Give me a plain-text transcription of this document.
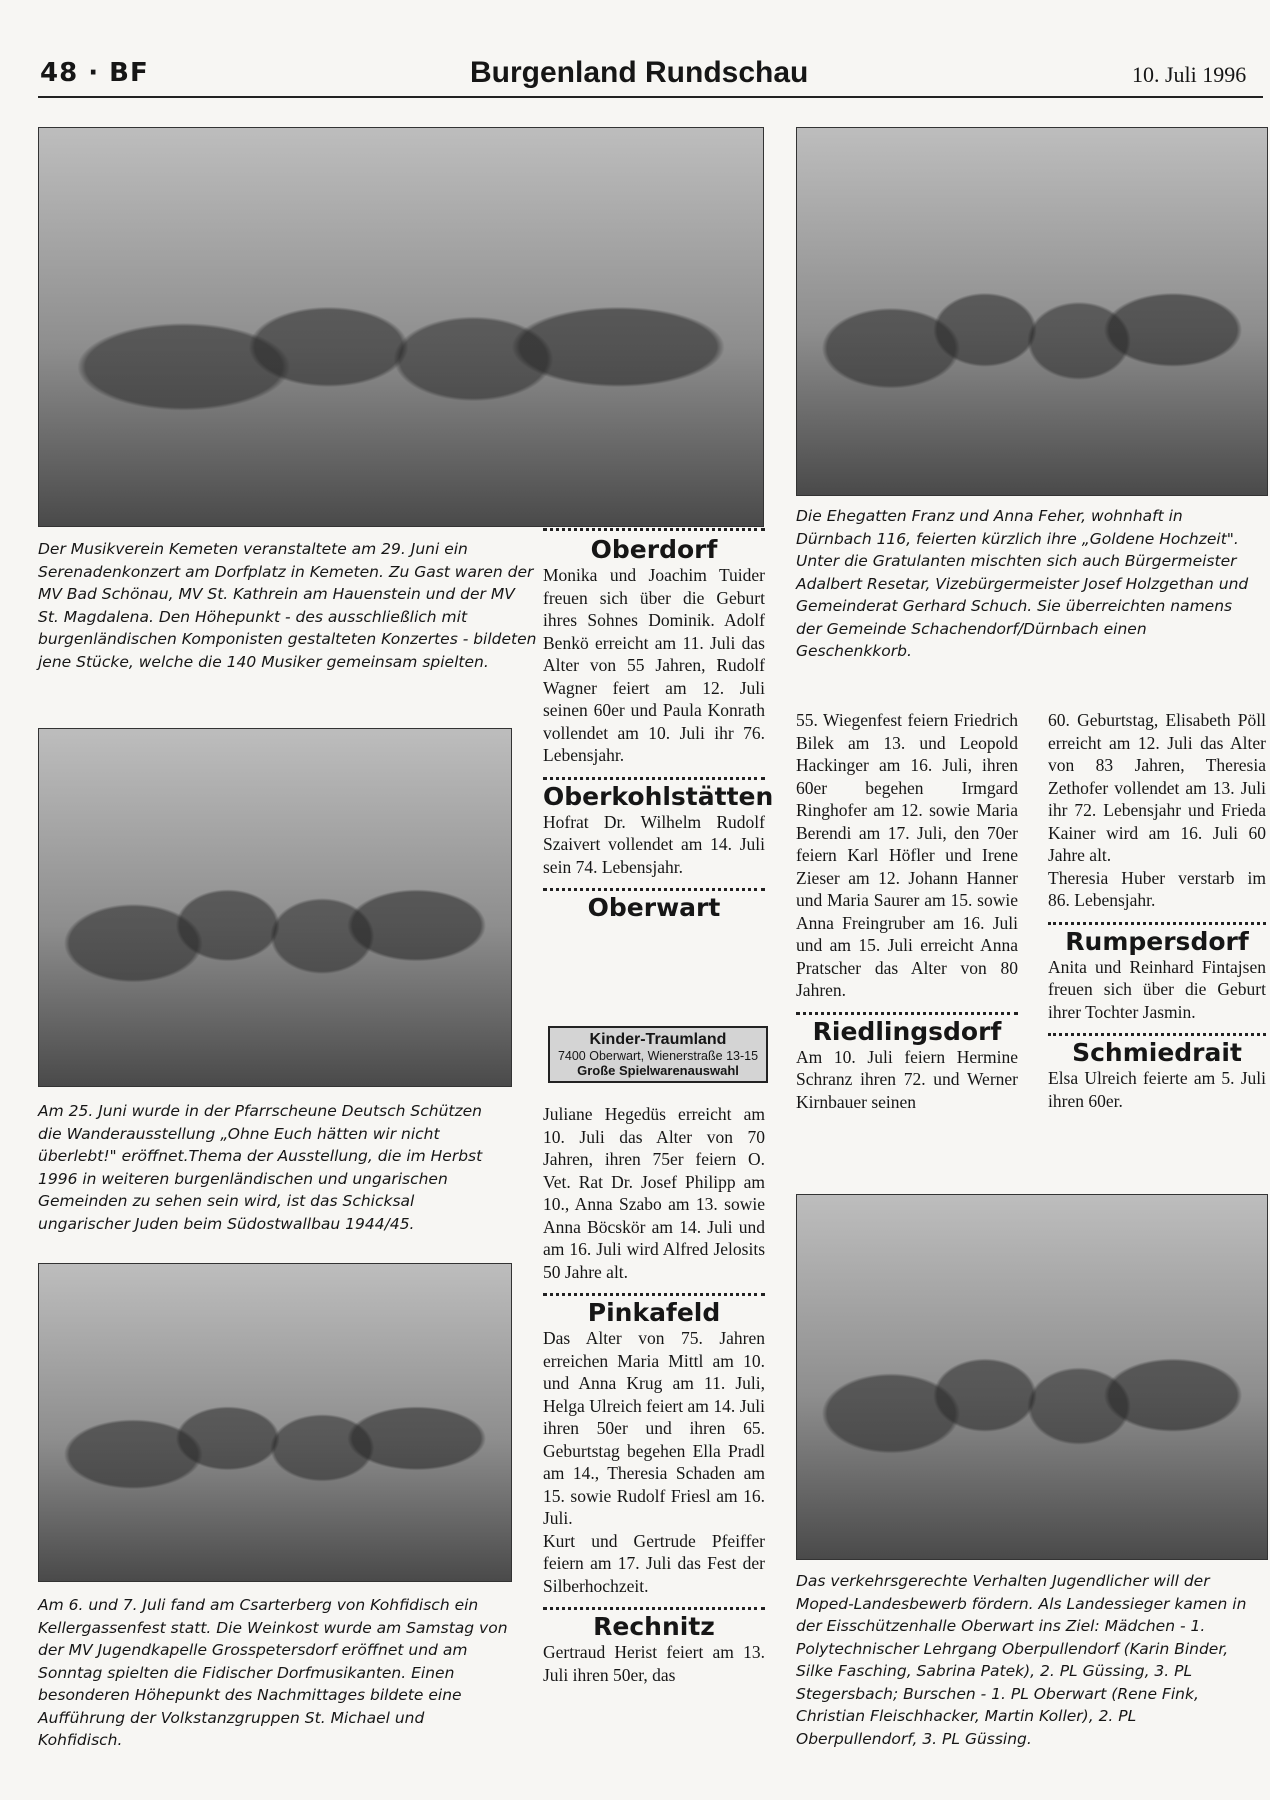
48 · BF	Burgenland Rundschau	10. Juli 1996

Der Musikverein Kemeten veranstaltete am 29. Juni ein Serenadenkonzert am Dorfplatz in Kemeten. Zu Gast waren der MV Bad Schönau, MV St. Kathrein am Hauenstein und der MV St. Magdalena. Den Höhepunkt - des ausschließlich mit burgenländischen Komponisten gestalteten Konzertes - bildeten jene Stücke, welche die 140 Musiker gemeinsam spielten.

Am 25. Juni wurde in der Pfarrscheune Deutsch Schützen die Wanderausstellung „Ohne Euch hätten wir nicht überlebt!" eröffnet.Thema der Ausstellung, die im Herbst 1996 in weiteren burgenländischen und ungarischen Gemeinden zu sehen sein wird, ist das Schicksal ungarischer Juden beim Südostwallbau 1944/45.

Am 6. und 7. Juli fand am Csarterberg von Kohfidisch ein Kellergassenfest statt. Die Weinkost wurde am Samstag von der MV Jugendkapelle Grosspetersdorf eröffnet und am Sonntag spielten die Fidischer Dorfmusikanten. Einen besonderen Höhepunkt des Nachmittages bildete eine Aufführung der Volkstanzgruppen St. Michael und Kohfidisch.

Oberdorf

Monika und Joachim Tuider freuen sich über die Geburt ihres Sohnes Dominik. Adolf Benkö erreicht am 11. Juli das Alter von 55 Jahren, Rudolf Wagner feiert am 12. Juli seinen 60er und Paula Konrath vollendet am 10. Juli ihr 76. Lebensjahr.

Oberkohlstätten

Hofrat Dr. Wilhelm Rudolf Szaivert vollendet am 14. Juli sein 74. Lebensjahr.

Oberwart

Kinder-Traumland
7400 Oberwart, Wienerstraße 13-15
Große Spielwarenauswahl

Juliane Hegedüs erreicht am 10. Juli das Alter von 70 Jahren, ihren 75er feiern O. Vet. Rat Dr. Josef Philipp am 10., Anna Szabo am 13. sowie Anna Böcskör am 14. Juli und am 16. Juli wird Alfred Jelosits 50 Jahre alt.

Pinkafeld

Das Alter von 75. Jahren erreichen Maria Mittl am 10. und Anna Krug am 11. Juli, Helga Ulreich feiert am 14. Juli ihren 50er und ihren 65. Geburtstag begehen Ella Pradl am 14., Theresia Schaden am 15. sowie Rudolf Friesl am 16. Juli.

Kurt und Gertrude Pfeiffer feiern am 17. Juli das Fest der Silberhochzeit.

Rechnitz

Gertraud Herist feiert am 13. Juli ihren 50er, das

Die Ehegatten Franz und Anna Feher, wohnhaft in Dürnbach 116, feierten kürzlich ihre „Goldene Hochzeit". Unter die Gratulanten mischten sich auch Bürgermeister Adalbert Resetar, Vizebürgermeister Josef Holzgethan und Gemeinderat Gerhard Schuch. Sie überreichten namens der Gemeinde Schachendorf/Dürnbach einen Geschenkkorb.

55. Wiegenfest feiern Friedrich Bilek am 13. und Leopold Hackinger am 16. Juli, ihren 60er begehen Irmgard Ringhofer am 12. sowie Maria Berendi am 17. Juli, den 70er feiern Karl Höfler und Irene Zieser am 12. Johann Hanner und Maria Saurer am 15. sowie Anna Freingruber am 16. Juli und am 15. Juli erreicht Anna Pratscher das Alter von 80 Jahren.

Riedlingsdorf

Am 10. Juli feiern Hermine Schranz ihren 72. und Werner Kirnbauer seinen

60. Geburtstag, Elisabeth Pöll erreicht am 12. Juli das Alter von 83 Jahren, Theresia Zethofer vollendet am 13. Juli ihr 72. Lebensjahr und Frieda Kainer wird am 16. Juli 60 Jahre alt.

Theresia Huber verstarb im 86. Lebensjahr.

Rumpersdorf

Anita und Reinhard Fintajsen freuen sich über die Geburt ihrer Tochter Jasmin.

Schmiedrait

Elsa Ulreich feierte am 5. Juli ihren 60er.

Das verkehrsgerechte Verhalten Jugendlicher will der Moped-Landesbewerb fördern. Als Landessieger kamen in der Eisschützenhalle Oberwart ins Ziel: Mädchen - 1. Polytechnischer Lehrgang Oberpullendorf (Karin Binder, Silke Fasching, Sabrina Patek), 2. PL Güssing, 3. PL Stegersbach; Burschen - 1. PL Oberwart (Rene Fink, Christian Fleischhacker, Martin Koller), 2. PL Oberpullendorf, 3. PL Güssing.
